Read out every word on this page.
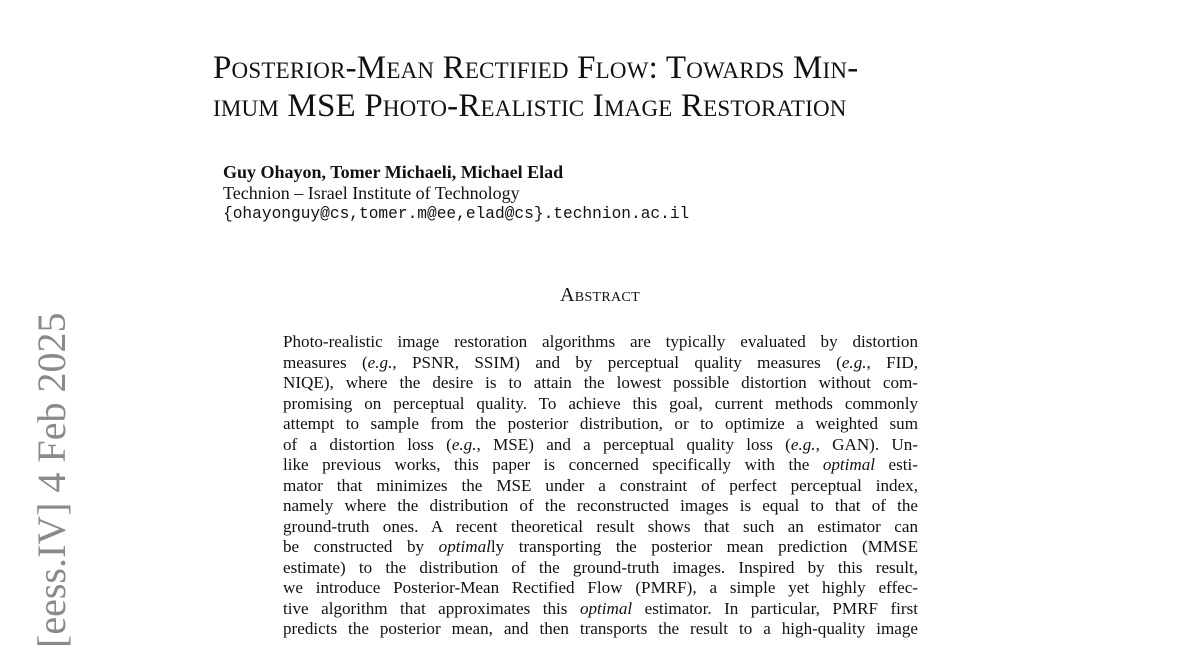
Posterior-Mean Rectified Flow: Towards Min-
imum MSE Photo-Realistic Image Restoration
Guy Ohayon, Tomer Michaeli, Michael Elad
Technion – Israel Institute of Technology
{ohayonguy@cs,tomer.m@ee,elad@cs}.technion.ac.il
Abstract
Photo-realistic image restoration algorithms are typically evaluated by distortion
measures (e.g., PSNR, SSIM) and by perceptual quality measures (e.g., FID,
NIQE), where the desire is to attain the lowest possible distortion without com-
promising on perceptual quality. To achieve this goal, current methods commonly
attempt to sample from the posterior distribution, or to optimize a weighted sum
of a distortion loss (e.g., MSE) and a perceptual quality loss (e.g., GAN). Un-
like previous works, this paper is concerned specifically with the optimal esti-
mator that minimizes the MSE under a constraint of perfect perceptual index,
namely where the distribution of the reconstructed images is equal to that of the
ground-truth ones. A recent theoretical result shows that such an estimator can
be constructed by optimally transporting the posterior mean prediction (MMSE
estimate) to the distribution of the ground-truth images. Inspired by this result,
we introduce Posterior-Mean Rectified Flow (PMRF), a simple yet highly effec-
tive algorithm that approximates this optimal estimator. In particular, PMRF first
predicts the posterior mean, and then transports the result to a high-quality image
[eess.IV] 4 Feb 2025
